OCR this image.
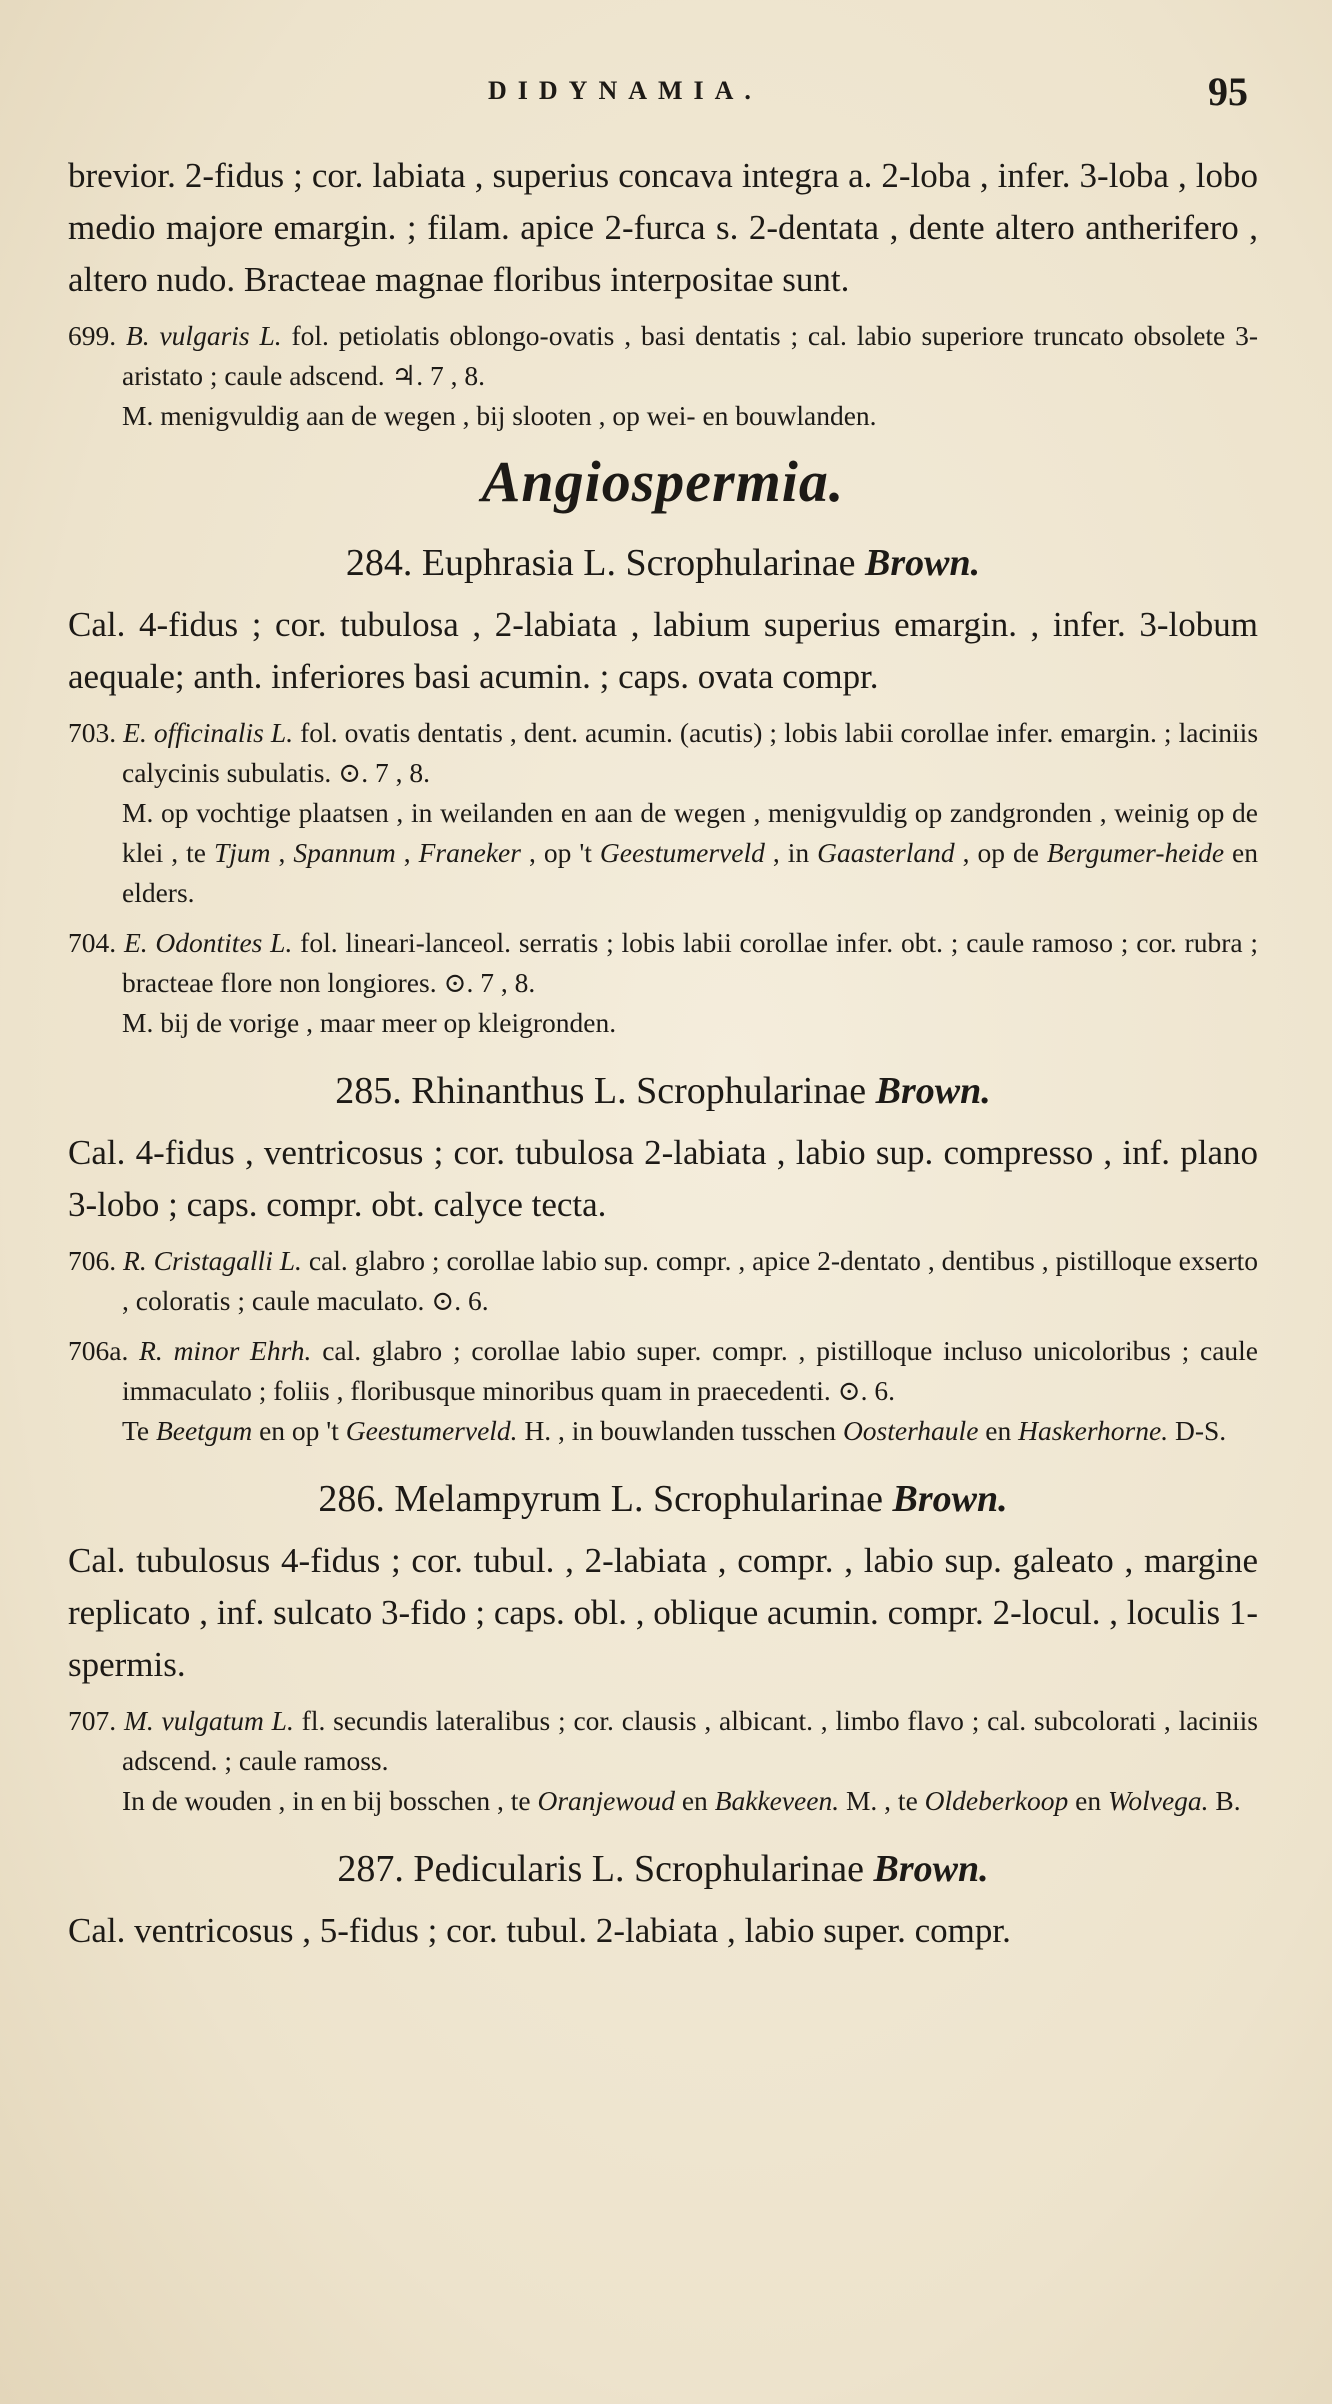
DIDYNAMIA.	95

brevior. 2-fidus ; cor. labiata , superius concava integra a. 2-loba , infer. 3-loba , lobo medio majore emargin. ; filam. apice 2-furca s. 2-dentata , dente altero antherifero , altero nudo. Bracteae magnae floribus interpositae sunt.

699. B. vulgaris L. fol. petiolatis oblongo-ovatis , basi dentatis ; cal. labio superiore truncato obsolete 3-aristato ; caule adscend. ♃. 7 , 8.

M. menigvuldig aan de wegen , bij slooten , op wei- en bouwlanden.

Angiospermia.
284. Euphrasia L. Scrophularinae Brown.

Cal. 4-fidus ; cor. tubulosa , 2-labiata , labium superius emargin. , infer. 3-lobum aequale; anth. inferiores basi acumin. ; caps. ovata compr.

703. E. officinalis L. fol. ovatis dentatis , dent. acumin. (acutis) ; lobis labii corollae infer. emargin. ; laciniis calycinis subulatis. ⊙. 7 , 8.

M. op vochtige plaatsen , in weilanden en aan de wegen , menigvuldig op zandgronden , weinig op de klei , te Tjum , Spannum , Franeker , op 't Geestumerveld , in Gaasterland , op de Bergumer-heide en elders.

704. E. Odontites L. fol. lineari-lanceol. serratis ; lobis labii corollae infer. obt. ; caule ramoso ; cor. rubra ; bracteae flore non longiores. ⊙. 7 , 8.

M. bij de vorige , maar meer op kleigronden.

285. Rhinanthus L. Scrophularinae Brown.

Cal. 4-fidus , ventricosus ; cor. tubulosa 2-labiata , labio sup. compresso , inf. plano 3-lobo ; caps. compr. obt. calyce tecta.

706. R. Cristagalli L. cal. glabro ; corollae labio sup. compr. , apice 2-dentato , dentibus , pistilloque exserto , coloratis ; caule maculato. ⊙. 6.

706a. R. minor Ehrh. cal. glabro ; corollae labio super. compr. , pistilloque incluso unicoloribus ; caule immaculato ; foliis , floribusque minoribus quam in praecedenti. ⊙. 6.

Te Beetgum en op 't Geestumerveld. H. , in bouwlanden tusschen Oosterhaule en Haskerhorne. D-S.

286. Melampyrum L. Scrophularinae Brown.

Cal. tubulosus 4-fidus ; cor. tubul. , 2-labiata , compr. , labio sup. galeato , margine replicato , inf. sulcato 3-fido ; caps. obl. , oblique acumin. compr. 2-locul. , loculis 1-spermis.

707. M. vulgatum L. fl. secundis lateralibus ; cor. clausis , albicant. , limbo flavo ; cal. subcolorati , laciniis adscend. ; caule ramoss.

In de wouden , in en bij bosschen , te Oranjewoud en Bakkeveen. M. , te Oldeberkoop en Wolvega. B.

287. Pedicularis L. Scrophularinae Brown.

Cal. ventricosus , 5-fidus ; cor. tubul. 2-labiata , labio super. compr.
